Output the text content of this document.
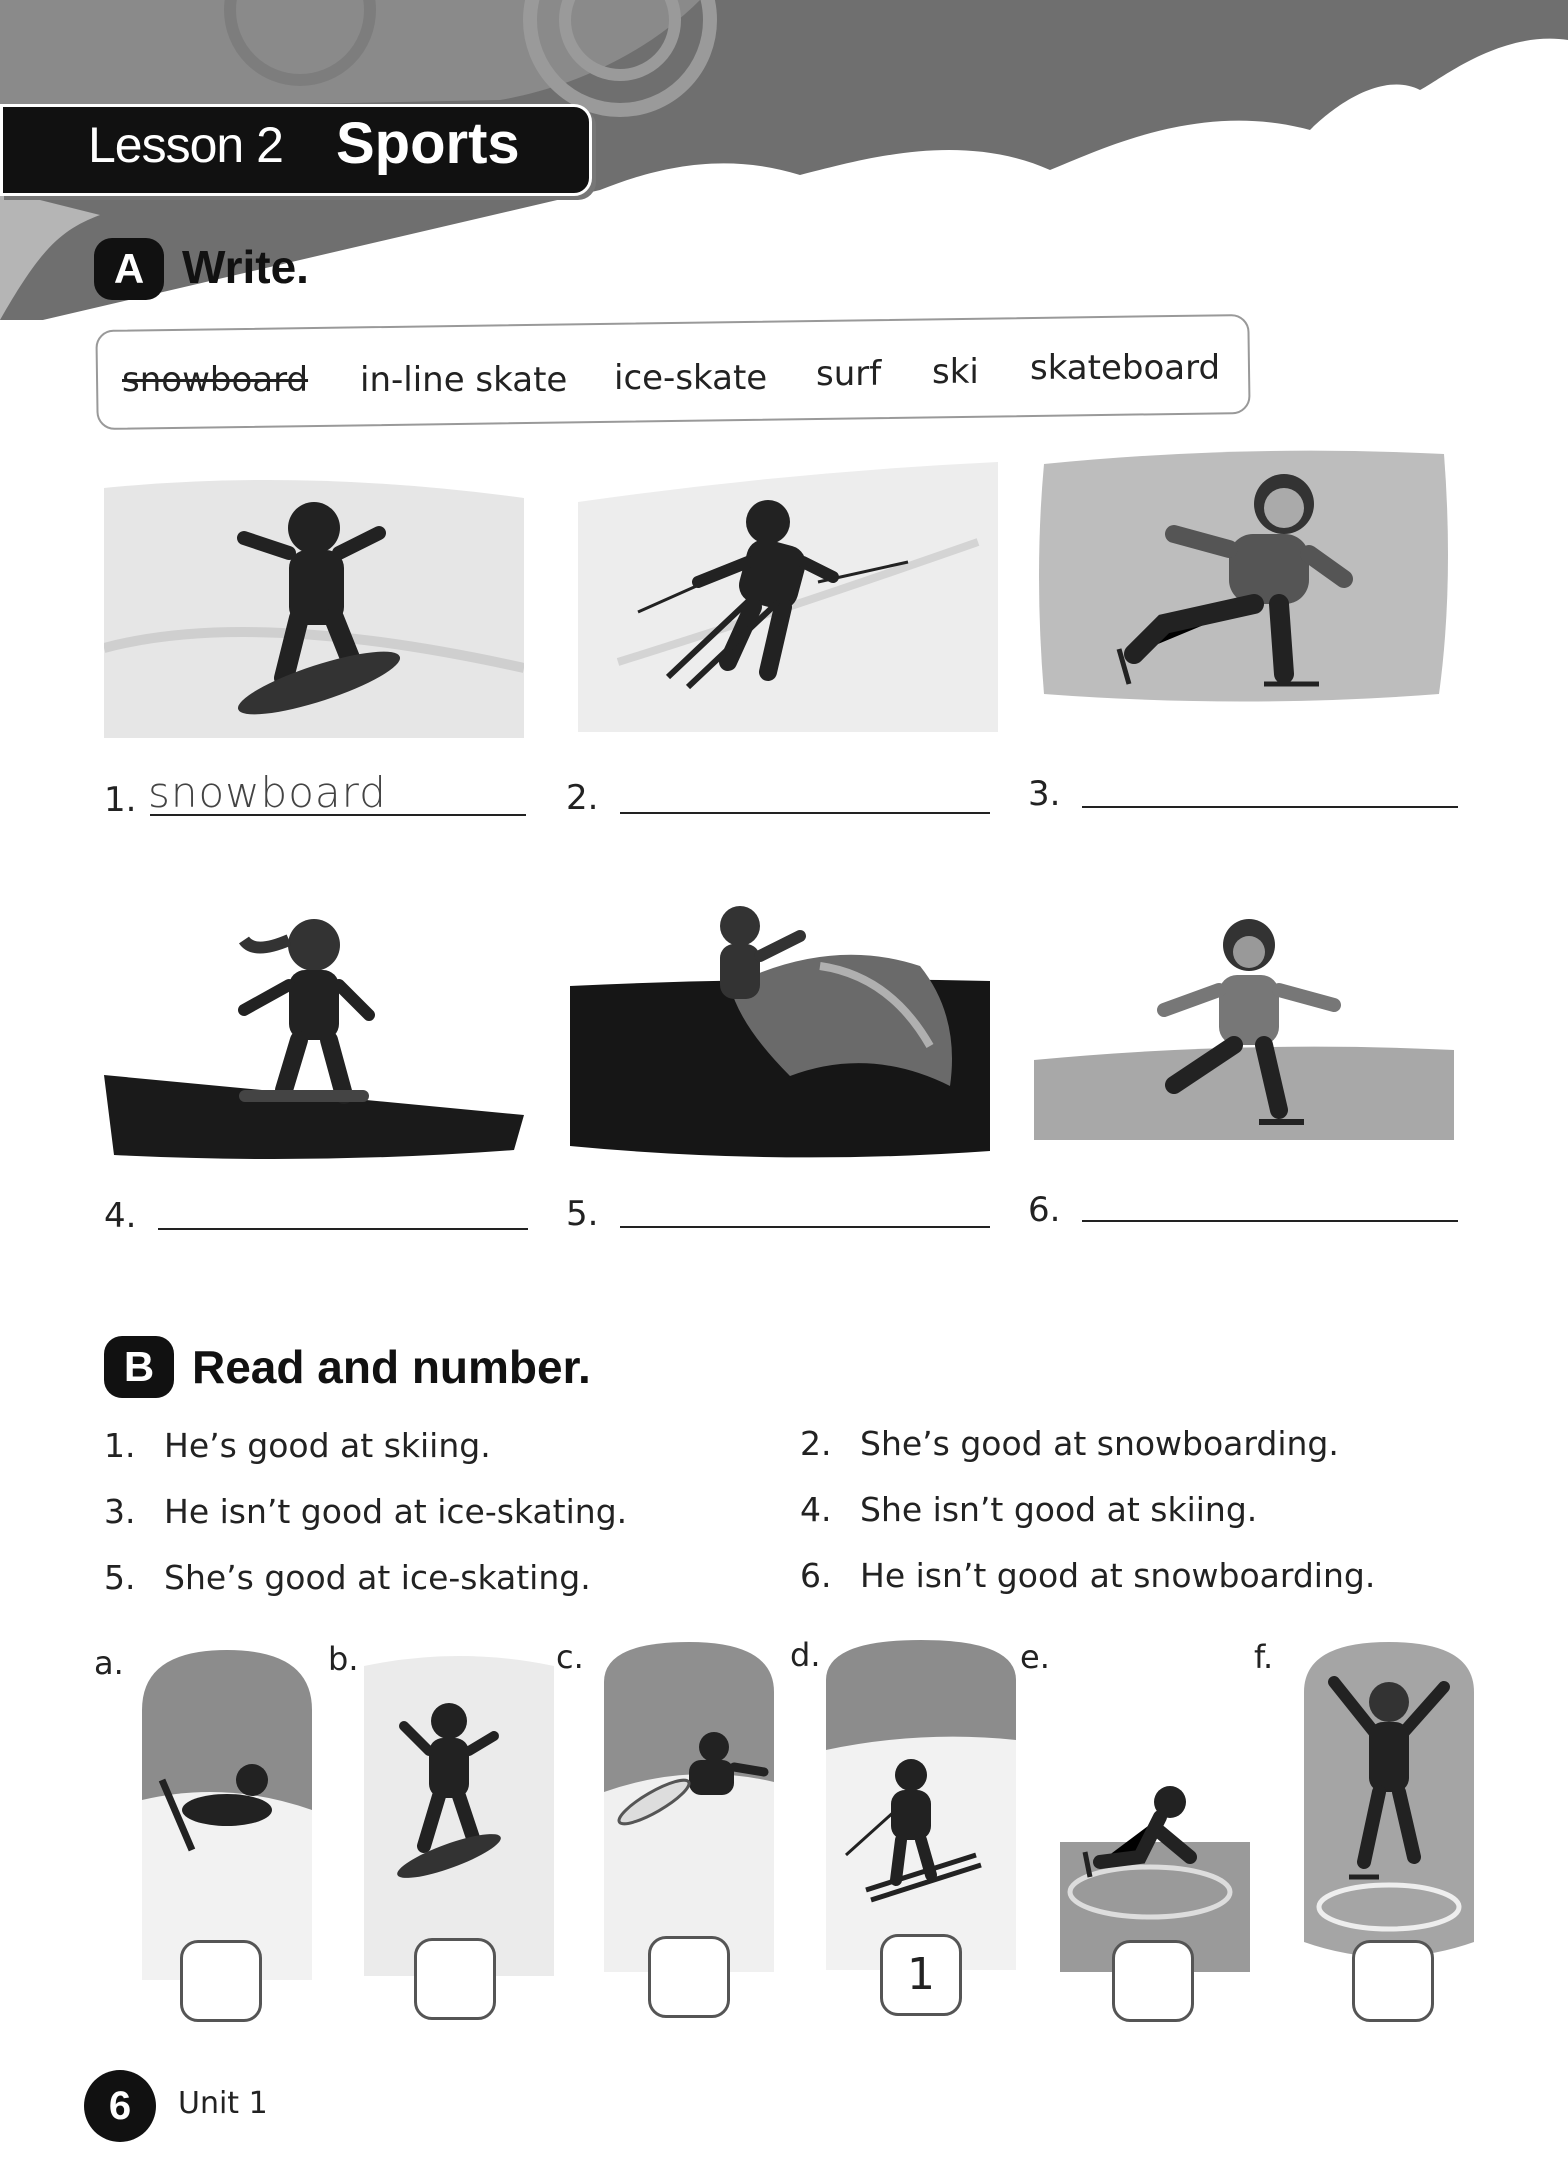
Lesson 2 Sports
A Write.
snowboard in-line skate ice-skate surf ski skateboard
1. snowboard	2.	3.
4.	5.	6.
B Read and number.
1. He’s good at skiing.	2. She’s good at snowboarding.
3. He isn’t good at ice-skating.	4. She isn’t good at skiing.
5. She’s good at ice-skating.	6. He isn’t good at snowboarding.
a.	b.	c.	d.
1
e.	f.
6	Unit 1
